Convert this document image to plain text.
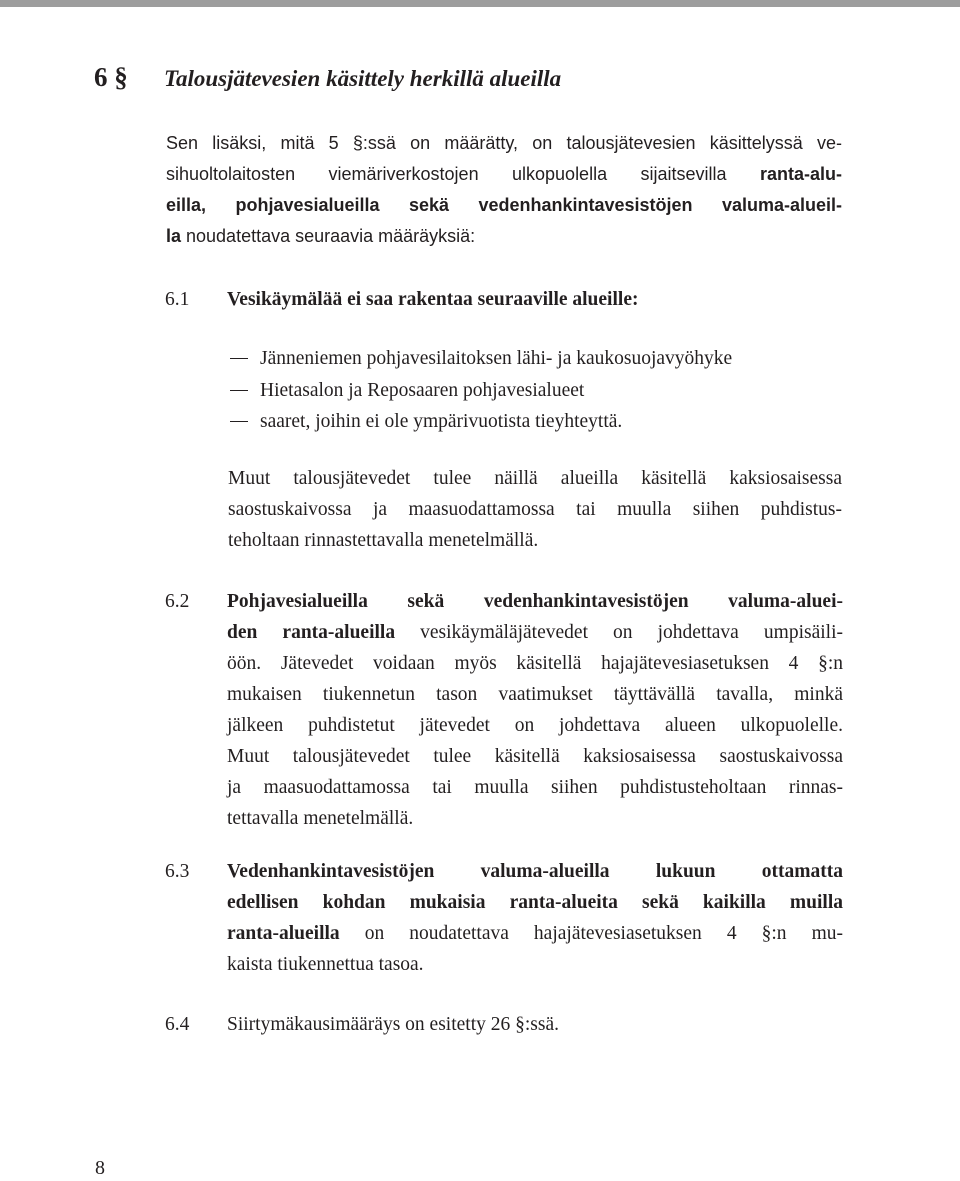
6 §	Talousjätevesien käsittely herkillä alueilla
Sen lisäksi, mitä 5 §:ssä on määrätty, on talousjätevesien käsittelyssä ve-
sihuoltolaitosten viemäriverkostojen ulkopuolella sijaitsevilla ranta-alu-
eilla, pohjavesialueilla sekä vedenhankintavesistöjen valuma-alueil-
la noudatettava seuraavia määräyksiä:
6.1 Vesikäymälää ei saa rakentaa seuraaville alueille:
Jänneniemen pohjavesilaitoksen lähi- ja kaukosuojavyöhyke
Hietasalon ja Reposaaren pohjavesialueet
saaret, joihin ei ole ympärivuotista tieyhteyttä.
Muut talousjätevedet tulee näillä alueilla käsitellä kaksiosaisessa
saostuskaivossa ja maasuodattamossa tai muulla siihen puhdistus-
teholtaan rinnastettavalla menetelmällä.
6.2 Pohjavesialueilla sekä vedenhankintavesistöjen valuma-aluei-
den ranta-alueilla vesikäymäläjätevedet on johdettava umpisäili-
öön. Jätevedet voidaan myös käsitellä hajajätevesiasetuksen 4 §:n
mukaisen tiukennetun tason vaatimukset täyttävällä tavalla, minkä
jälkeen puhdistetut jätevedet on johdettava alueen ulkopuolelle.
Muut talousjätevedet tulee käsitellä kaksiosaisessa saostuskaivossa
ja maasuodattamossa tai muulla siihen puhdistusteholtaan rinnas-
tettavalla menetelmällä.
6.3 Vedenhankintavesistöjen valuma-alueilla lukuun ottamatta
edellisen kohdan mukaisia ranta-alueita sekä kaikilla muilla
ranta-alueilla on noudatettava hajajätevesiasetuksen 4 §:n mu-
kaista tiukennettua tasoa.
6.4 Siirtymäkausimääräys on esitetty 26 §:ssä.
8
